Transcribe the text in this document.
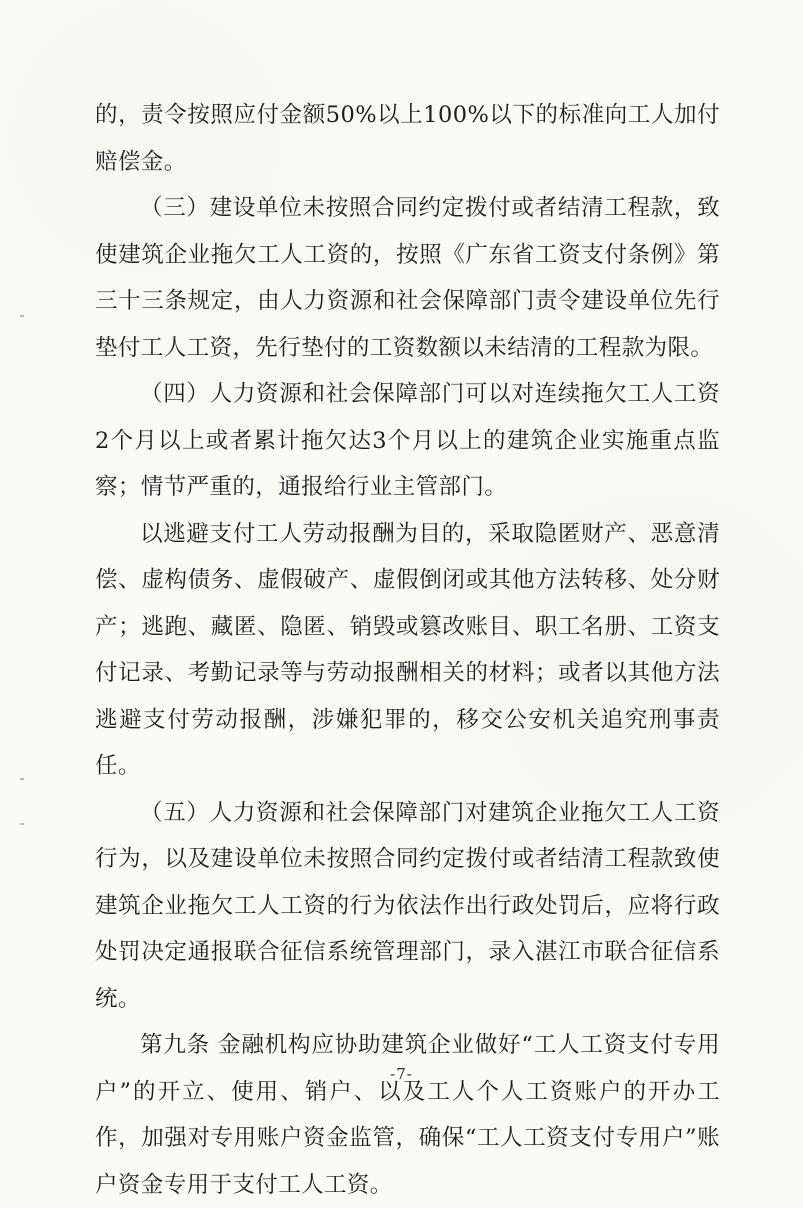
的，责令按照应付金额50%以上100%以下的标准向工人加付赔偿金。

（三）建设单位未按照合同约定拨付或者结清工程款，致使建筑企业拖欠工人工资的，按照《广东省工资支付条例》第三十三条规定，由人力资源和社会保障部门责令建设单位先行垫付工人工资，先行垫付的工资数额以未结清的工程款为限。

（四）人力资源和社会保障部门可以对连续拖欠工人工资2个月以上或者累计拖欠达3个月以上的建筑企业实施重点监察；情节严重的，通报给行业主管部门。

以逃避支付工人劳动报酬为目的，采取隐匿财产、恶意清偿、虚构债务、虚假破产、虚假倒闭或其他方法转移、处分财产；逃跑、藏匿、隐匿、销毁或篡改账目、职工名册、工资支付记录、考勤记录等与劳动报酬相关的材料；或者以其他方法逃避支付劳动报酬，涉嫌犯罪的，移交公安机关追究刑事责任。

（五）人力资源和社会保障部门对建筑企业拖欠工人工资行为，以及建设单位未按照合同约定拨付或者结清工程款致使建筑企业拖欠工人工资的行为依法作出行政处罚后，应将行政处罚决定通报联合征信系统管理部门，录入湛江市联合征信系统。

第九条 金融机构应协助建筑企业做好“工人工资支付专用户”的开立、使用、销户、以及工人个人工资账户的开办工作，加强对专用账户资金监管，确保“工人工资支付专用户”账户资金专用于支付工人工资。

-7-
